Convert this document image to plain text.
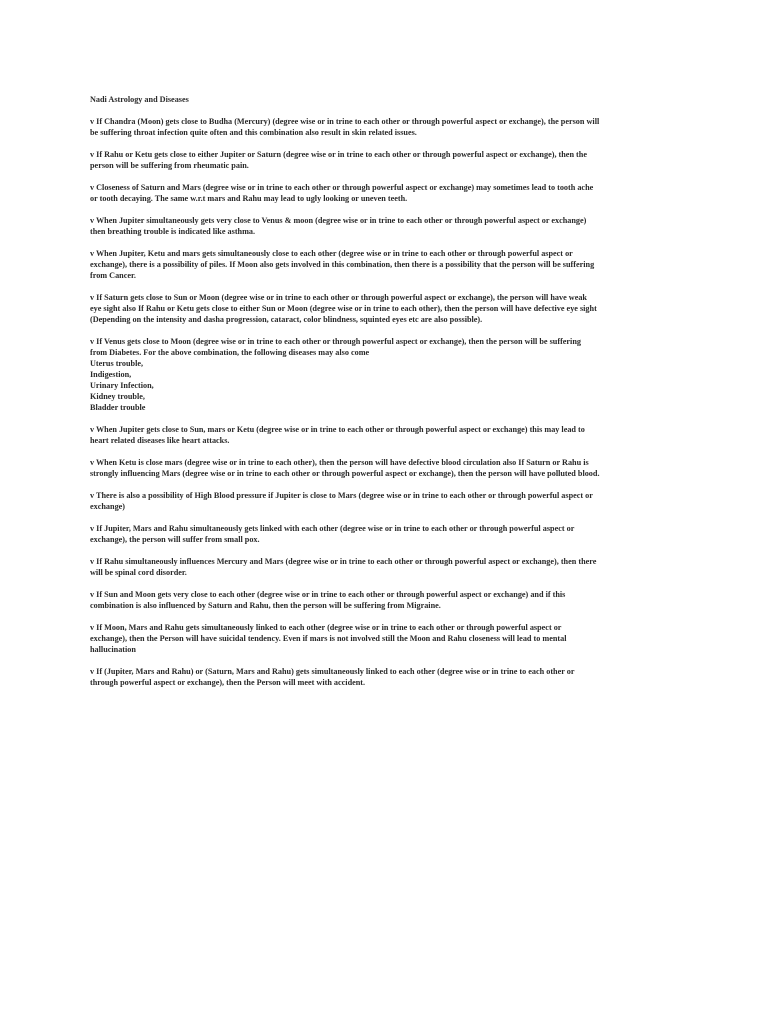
Nadi Astrology and Diseases
v If Chandra (Moon) gets close to Budha (Mercury) (degree wise or in trine to each other or through powerful aspect or exchange), the person will
be suffering throat infection quite often and this combination also result in skin related issues.
v If Rahu or Ketu gets close to either Jupiter or Saturn (degree wise or in trine to each other or through powerful aspect or exchange), then the
person will be suffering from rheumatic pain.
v Closeness of Saturn and Mars (degree wise or in trine to each other or through powerful aspect or exchange) may sometimes lead to tooth ache
or tooth decaying. The same w.r.t mars and Rahu may lead to ugly looking or uneven teeth.
v When Jupiter simultaneously gets very close to Venus & moon (degree wise or in trine to each other or through powerful aspect or exchange)
then breathing trouble is indicated like asthma.
v When Jupiter, Ketu and mars gets simultaneously close to each other (degree wise or in trine to each other or through powerful aspect or
exchange), there is a possibility of piles. If Moon also gets involved in this combination, then there is a possibility that the person will be suffering
from Cancer.
v If Saturn gets close to Sun or Moon (degree wise or in trine to each other or through powerful aspect or exchange), the person will have weak
eye sight also If Rahu or Ketu gets close to either Sun or Moon (degree wise or in trine to each other), then the person will have defective eye sight
(Depending on the intensity and dasha progression, cataract, color blindness, squinted eyes etc are also possible).
v If Venus gets close to Moon (degree wise or in trine to each other or through powerful aspect or exchange), then the person will be suffering
from Diabetes. For the above combination, the following diseases may also come
Uterus trouble,
Indigestion,
Urinary Infection,
Kidney trouble,
Bladder trouble
v When Jupiter gets close to Sun, mars or Ketu (degree wise or in trine to each other or through powerful aspect or exchange) this may lead to
heart related diseases like heart attacks.
v When Ketu is close mars (degree wise or in trine to each other), then the person will have defective blood circulation also If Saturn or Rahu is
strongly influencing Mars (degree wise or in trine to each other or through powerful aspect or exchange), then the person will have polluted blood.
v There is also a possibility of High Blood pressure if Jupiter is close to Mars (degree wise or in trine to each other or through powerful aspect or
exchange)
v If Jupiter, Mars and Rahu simultaneously gets linked with each other (degree wise or in trine to each other or through powerful aspect or
exchange), the person will suffer from small pox.
v If Rahu simultaneously influences Mercury and Mars (degree wise or in trine to each other or through powerful aspect or exchange), then there
will be spinal cord disorder.
v If Sun and Moon gets very close to each other (degree wise or in trine to each other or through powerful aspect or exchange) and if this
combination is also influenced by Saturn and Rahu, then the person will be suffering from Migraine.
v If Moon, Mars and Rahu gets simultaneously linked to each other (degree wise or in trine to each other or through powerful aspect or
exchange), then the Person will have suicidal tendency. Even if mars is not involved still the Moon and Rahu closeness will lead to mental
hallucination
v If (Jupiter, Mars and Rahu) or (Saturn, Mars and Rahu) gets simultaneously linked to each other (degree wise or in trine to each other or
through powerful aspect or exchange), then the Person will meet with accident.
